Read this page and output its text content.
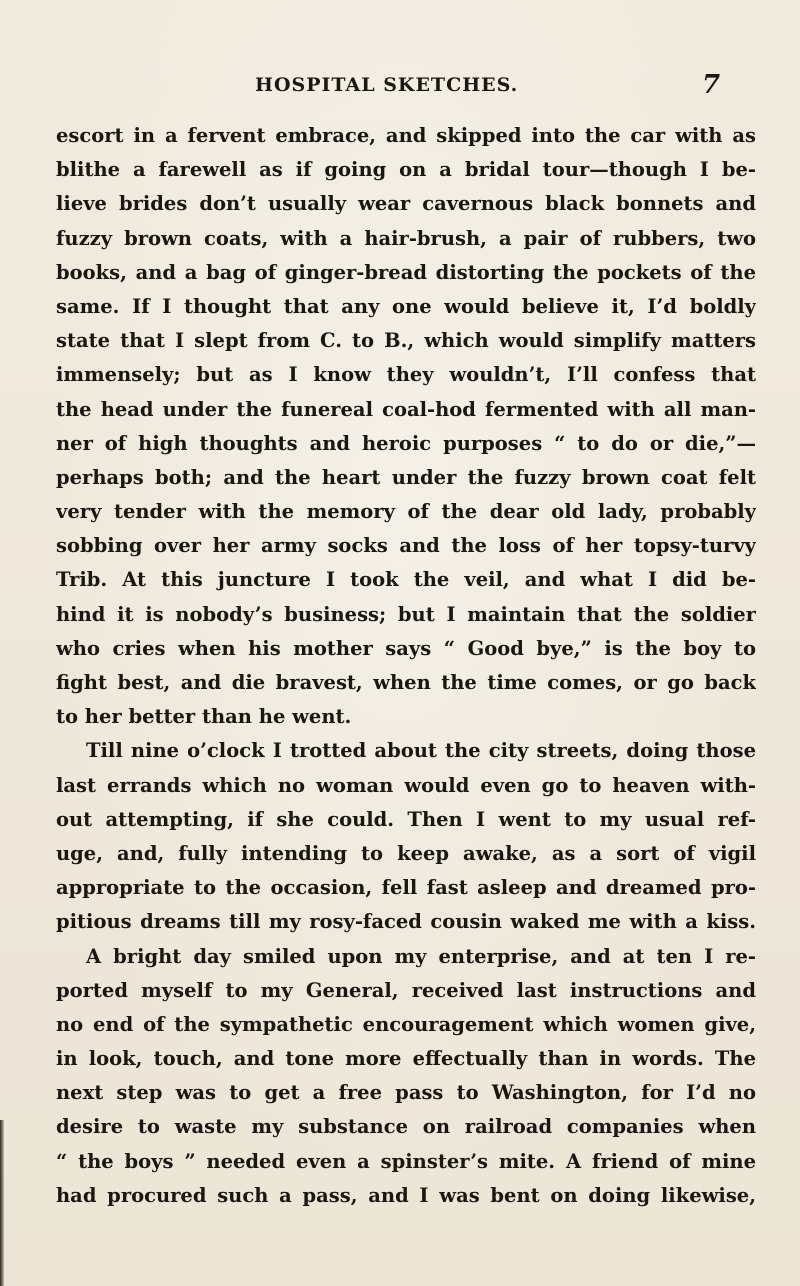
HOSPITAL SKETCHES.	7
escort in a fervent embrace, and skipped into the car with as
blithe a farewell as if going on a bridal tour—though I be-
lieve brides don’t usually wear cavernous black bonnets and
fuzzy brown coats, with a hair-brush, a pair of rubbers, two
books, and a bag of ginger-bread distorting the pockets of the
same. If I thought that any one would believe it, I’d boldly
state that I slept from C. to B., which would simplify matters
immensely; but as I know they wouldn’t, I’ll confess that
the head under the funereal coal-hod fermented with all man-
ner of high thoughts and heroic purposes “ to do or die,”—
perhaps both; and the heart under the fuzzy brown coat felt
very tender with the memory of the dear old lady, probably
sobbing over her army socks and the loss of her topsy-turvy
Trib. At this juncture I took the veil, and what I did be-
hind it is nobody’s business; but I maintain that the soldier
who cries when his mother says “ Good bye,” is the boy to
fight best, and die bravest, when the time comes, or go back
to her better than he went.
Till nine o’clock I trotted about the city streets, doing those
last errands which no woman would even go to heaven with-
out attempting, if she could. Then I went to my usual ref-
uge, and, fully intending to keep awake, as a sort of vigil
appropriate to the occasion, fell fast asleep and dreamed pro-
pitious dreams till my rosy-faced cousin waked me with a kiss.
A bright day smiled upon my enterprise, and at ten I re-
ported myself to my General, received last instructions and
no end of the sympathetic encouragement which women give,
in look, touch, and tone more effectually than in words. The
next step was to get a free pass to Washington, for I’d no
desire to waste my substance on railroad companies when
“ the boys ” needed even a spinster’s mite. A friend of mine
had procured such a pass, and I was bent on doing likewise,
